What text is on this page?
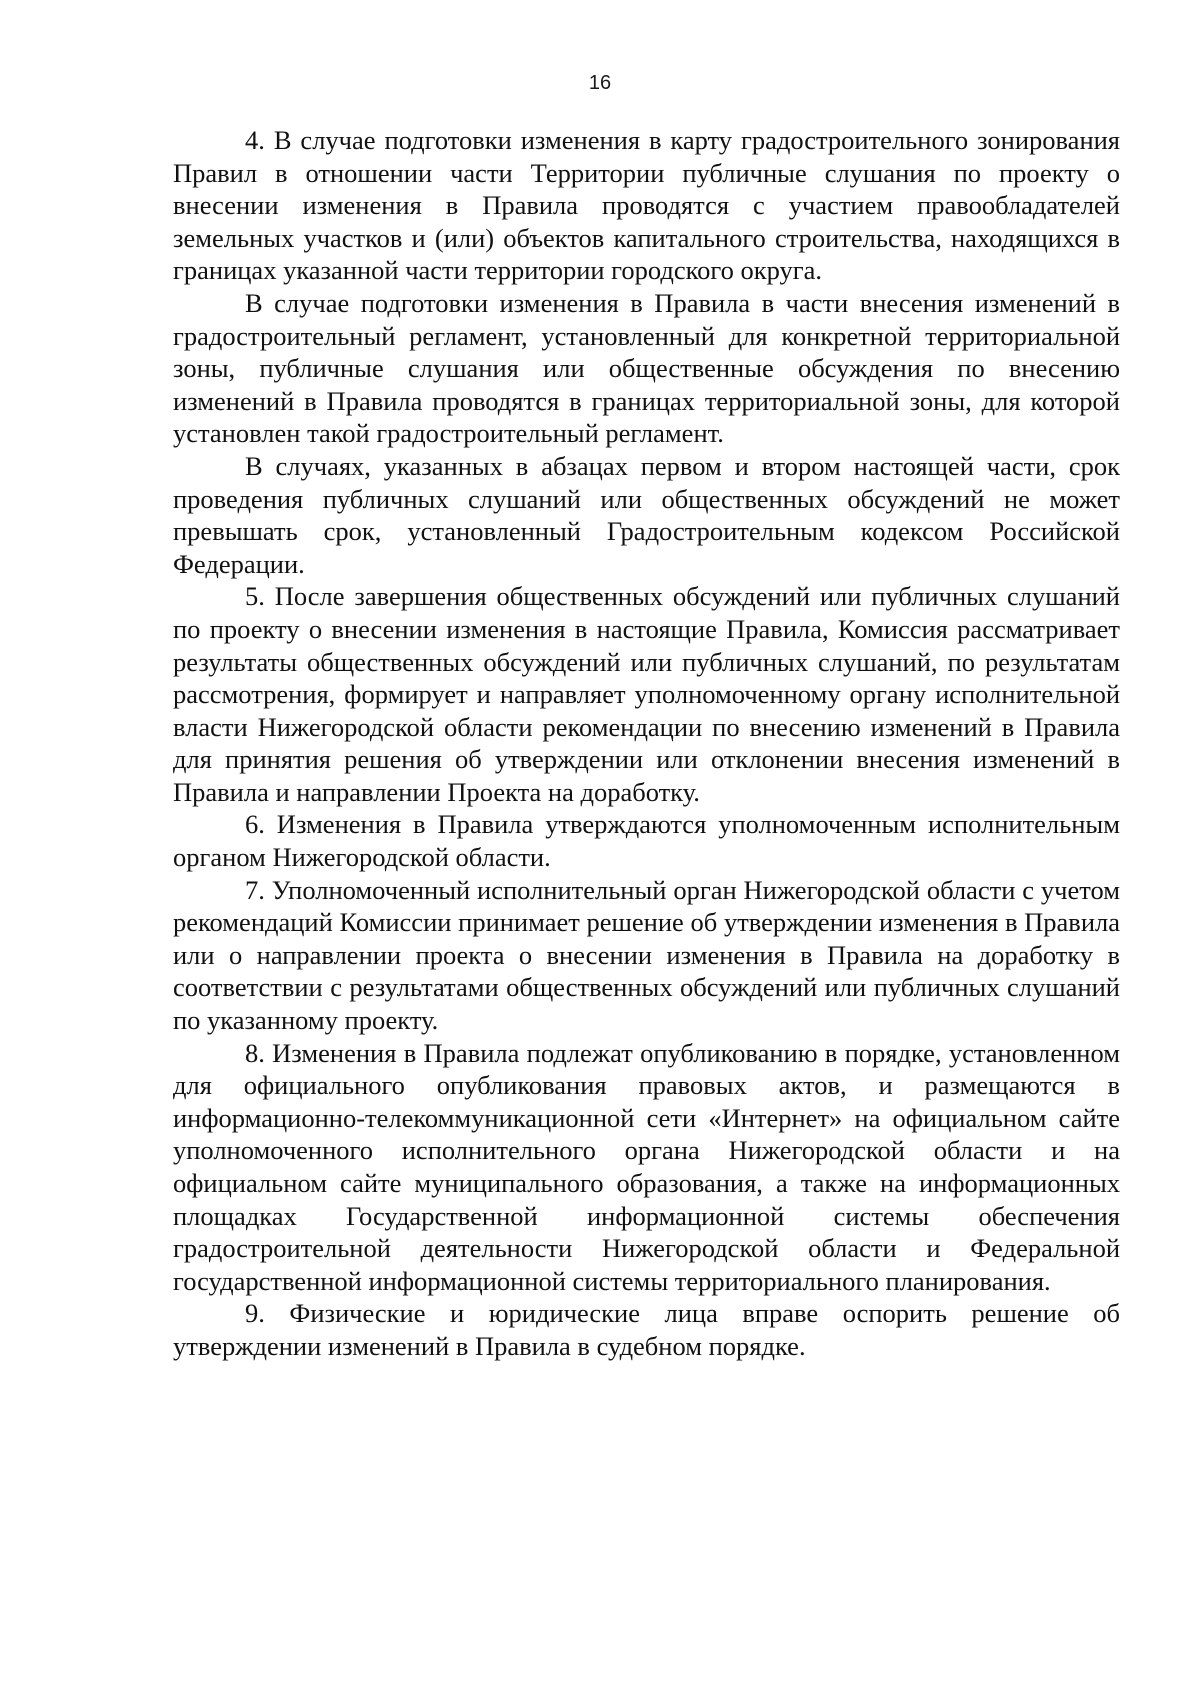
16

4. В случае подготовки изменения в карту градостроительного зонирования Правил в отношении части Территории публичные слушания по проекту о внесении изменения в Правила проводятся с участием правообладателей земельных участков и (или) объектов капитального строительства, находящихся в границах указанной части территории городского округа.

В случае подготовки изменения в Правила в части внесения изменений в градостроительный регламент, установленный для конкретной территориальной зоны, публичные слушания или общественные обсуждения по внесению изменений в Правила проводятся в границах территориальной зоны, для которой установлен такой градостроительный регламент.

В случаях, указанных в абзацах первом и втором настоящей части, срок проведения публичных слушаний или общественных обсуждений не может превышать срок, установленный Градостроительным кодексом Российской Федерации.

5. После завершения общественных обсуждений или публичных слушаний по проекту о внесении изменения в настоящие Правила, Комиссия рассматривает результаты общественных обсуждений или публичных слушаний, по результатам рассмотрения, формирует и направляет уполномоченному органу исполнительной власти Нижегородской области рекомендации по внесению изменений в Правила для принятия решения об утверждении или отклонении внесения изменений в Правила и направлении Проекта на доработку.

6. Изменения в Правила утверждаются уполномоченным исполнительным органом Нижегородской области.

7. Уполномоченный исполнительный орган Нижегородской области с учетом рекомендаций Комиссии принимает решение об утверждении изменения в Правила или о направлении проекта о внесении изменения в Правила на доработку в соответствии с результатами общественных обсуждений или публичных слушаний по указанному проекту.

8. Изменения в Правила подлежат опубликованию в порядке, установленном для официального опубликования правовых актов, и размещаются в информационно-телекоммуникационной сети «Интернет» на официальном сайте уполномоченного исполнительного органа Нижегородской области и на официальном сайте муниципального образования, а также на информационных площадках Государственной информационной системы обеспечения градостроительной деятельности Нижегородской области и Федеральной государственной информационной системы территориального планирования.

9. Физические и юридические лица вправе оспорить решение об утверждении изменений в Правила в судебном порядке.
